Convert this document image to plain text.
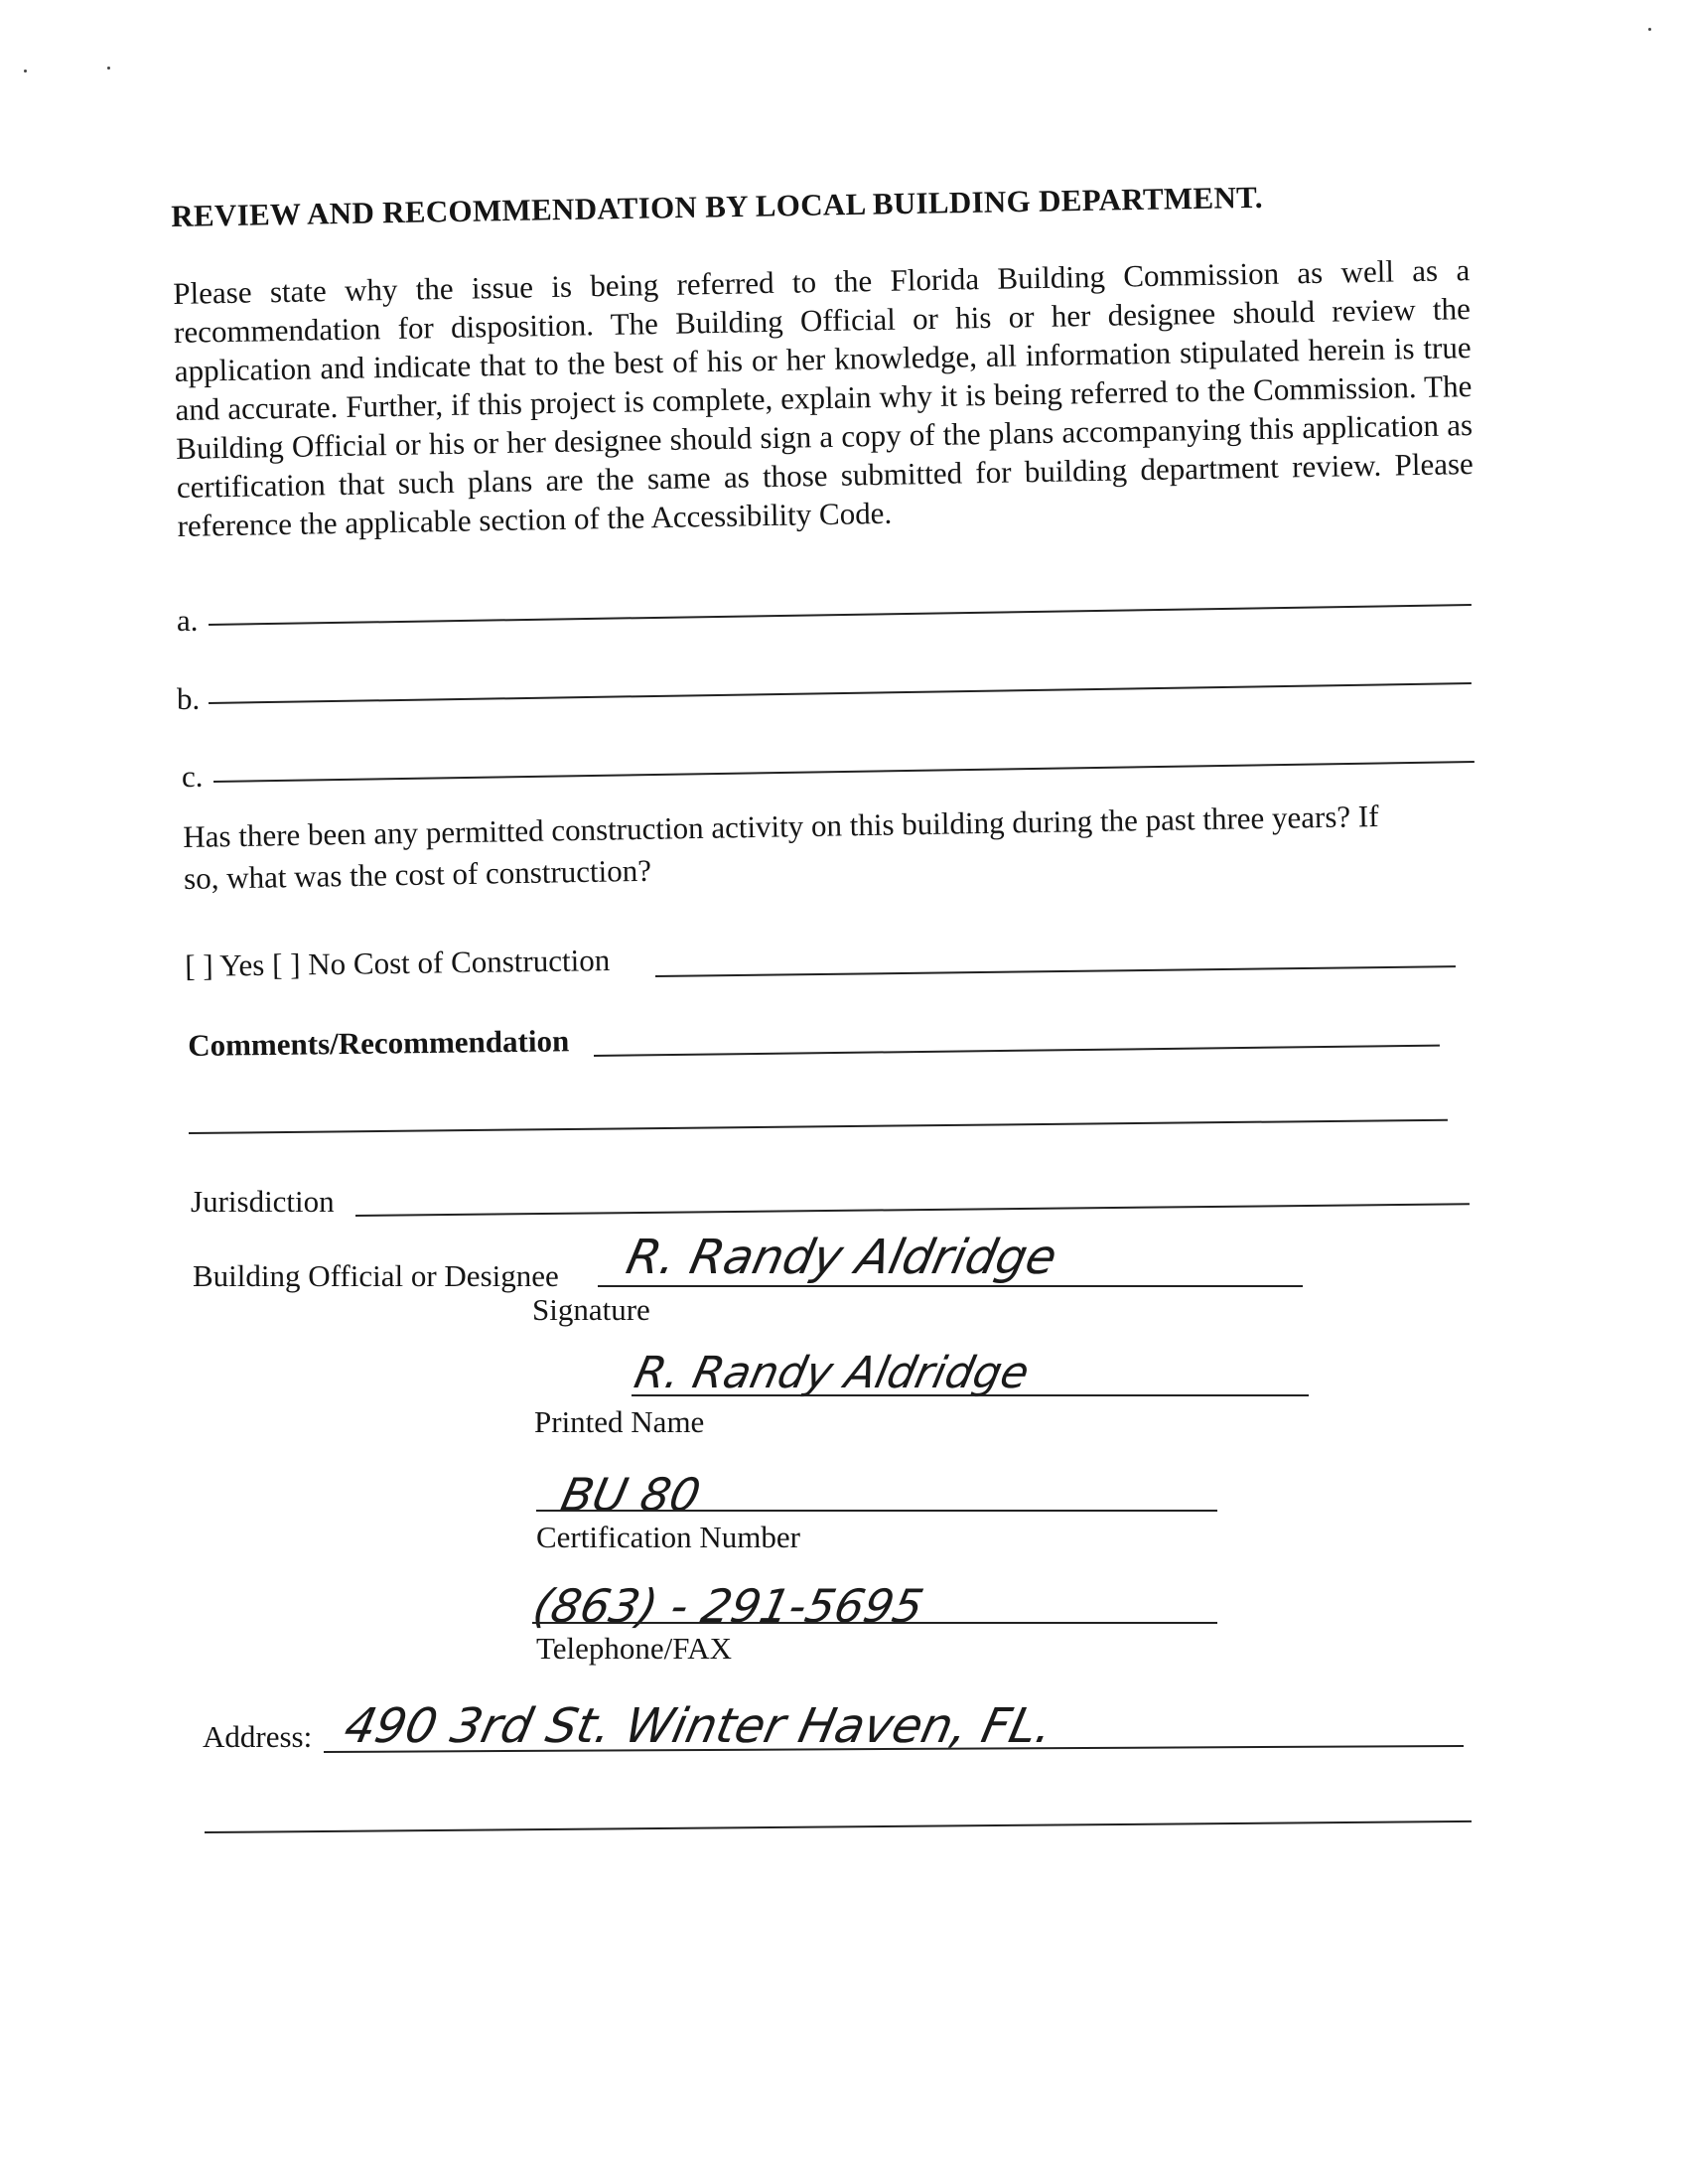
REVIEW AND RECOMMENDATION BY LOCAL BUILDING DEPARTMENT.
Please state why the issue is being referred to the Florida Building Commission as well as a recommendation for disposition. The Building Official or his or her designee should review the application and indicate that to the best of his or her knowledge, all information stipulated herein is true and accurate. Further, if this project is complete, explain why it is being referred to the Commission. The Building Official or his or her designee should sign a copy of the plans accompanying this application as certification that such plans are the same as those submitted for building department review. Please reference the applicable section of the Accessibility Code.
a.
b.
c.
Has there been any permitted construction activity on this building during the past three years? If
so, what was the cost of construction?
[ ] Yes [ ] No Cost of Construction
Comments/Recommendation
Jurisdiction
Building Official or Designee R. Randy Aldridge
Signature
R. Randy Aldridge
Printed Name
BU 80
Certification Number
(863) - 291-5695
Telephone/FAX
Address: 490 3rd St. Winter Haven, FL.
